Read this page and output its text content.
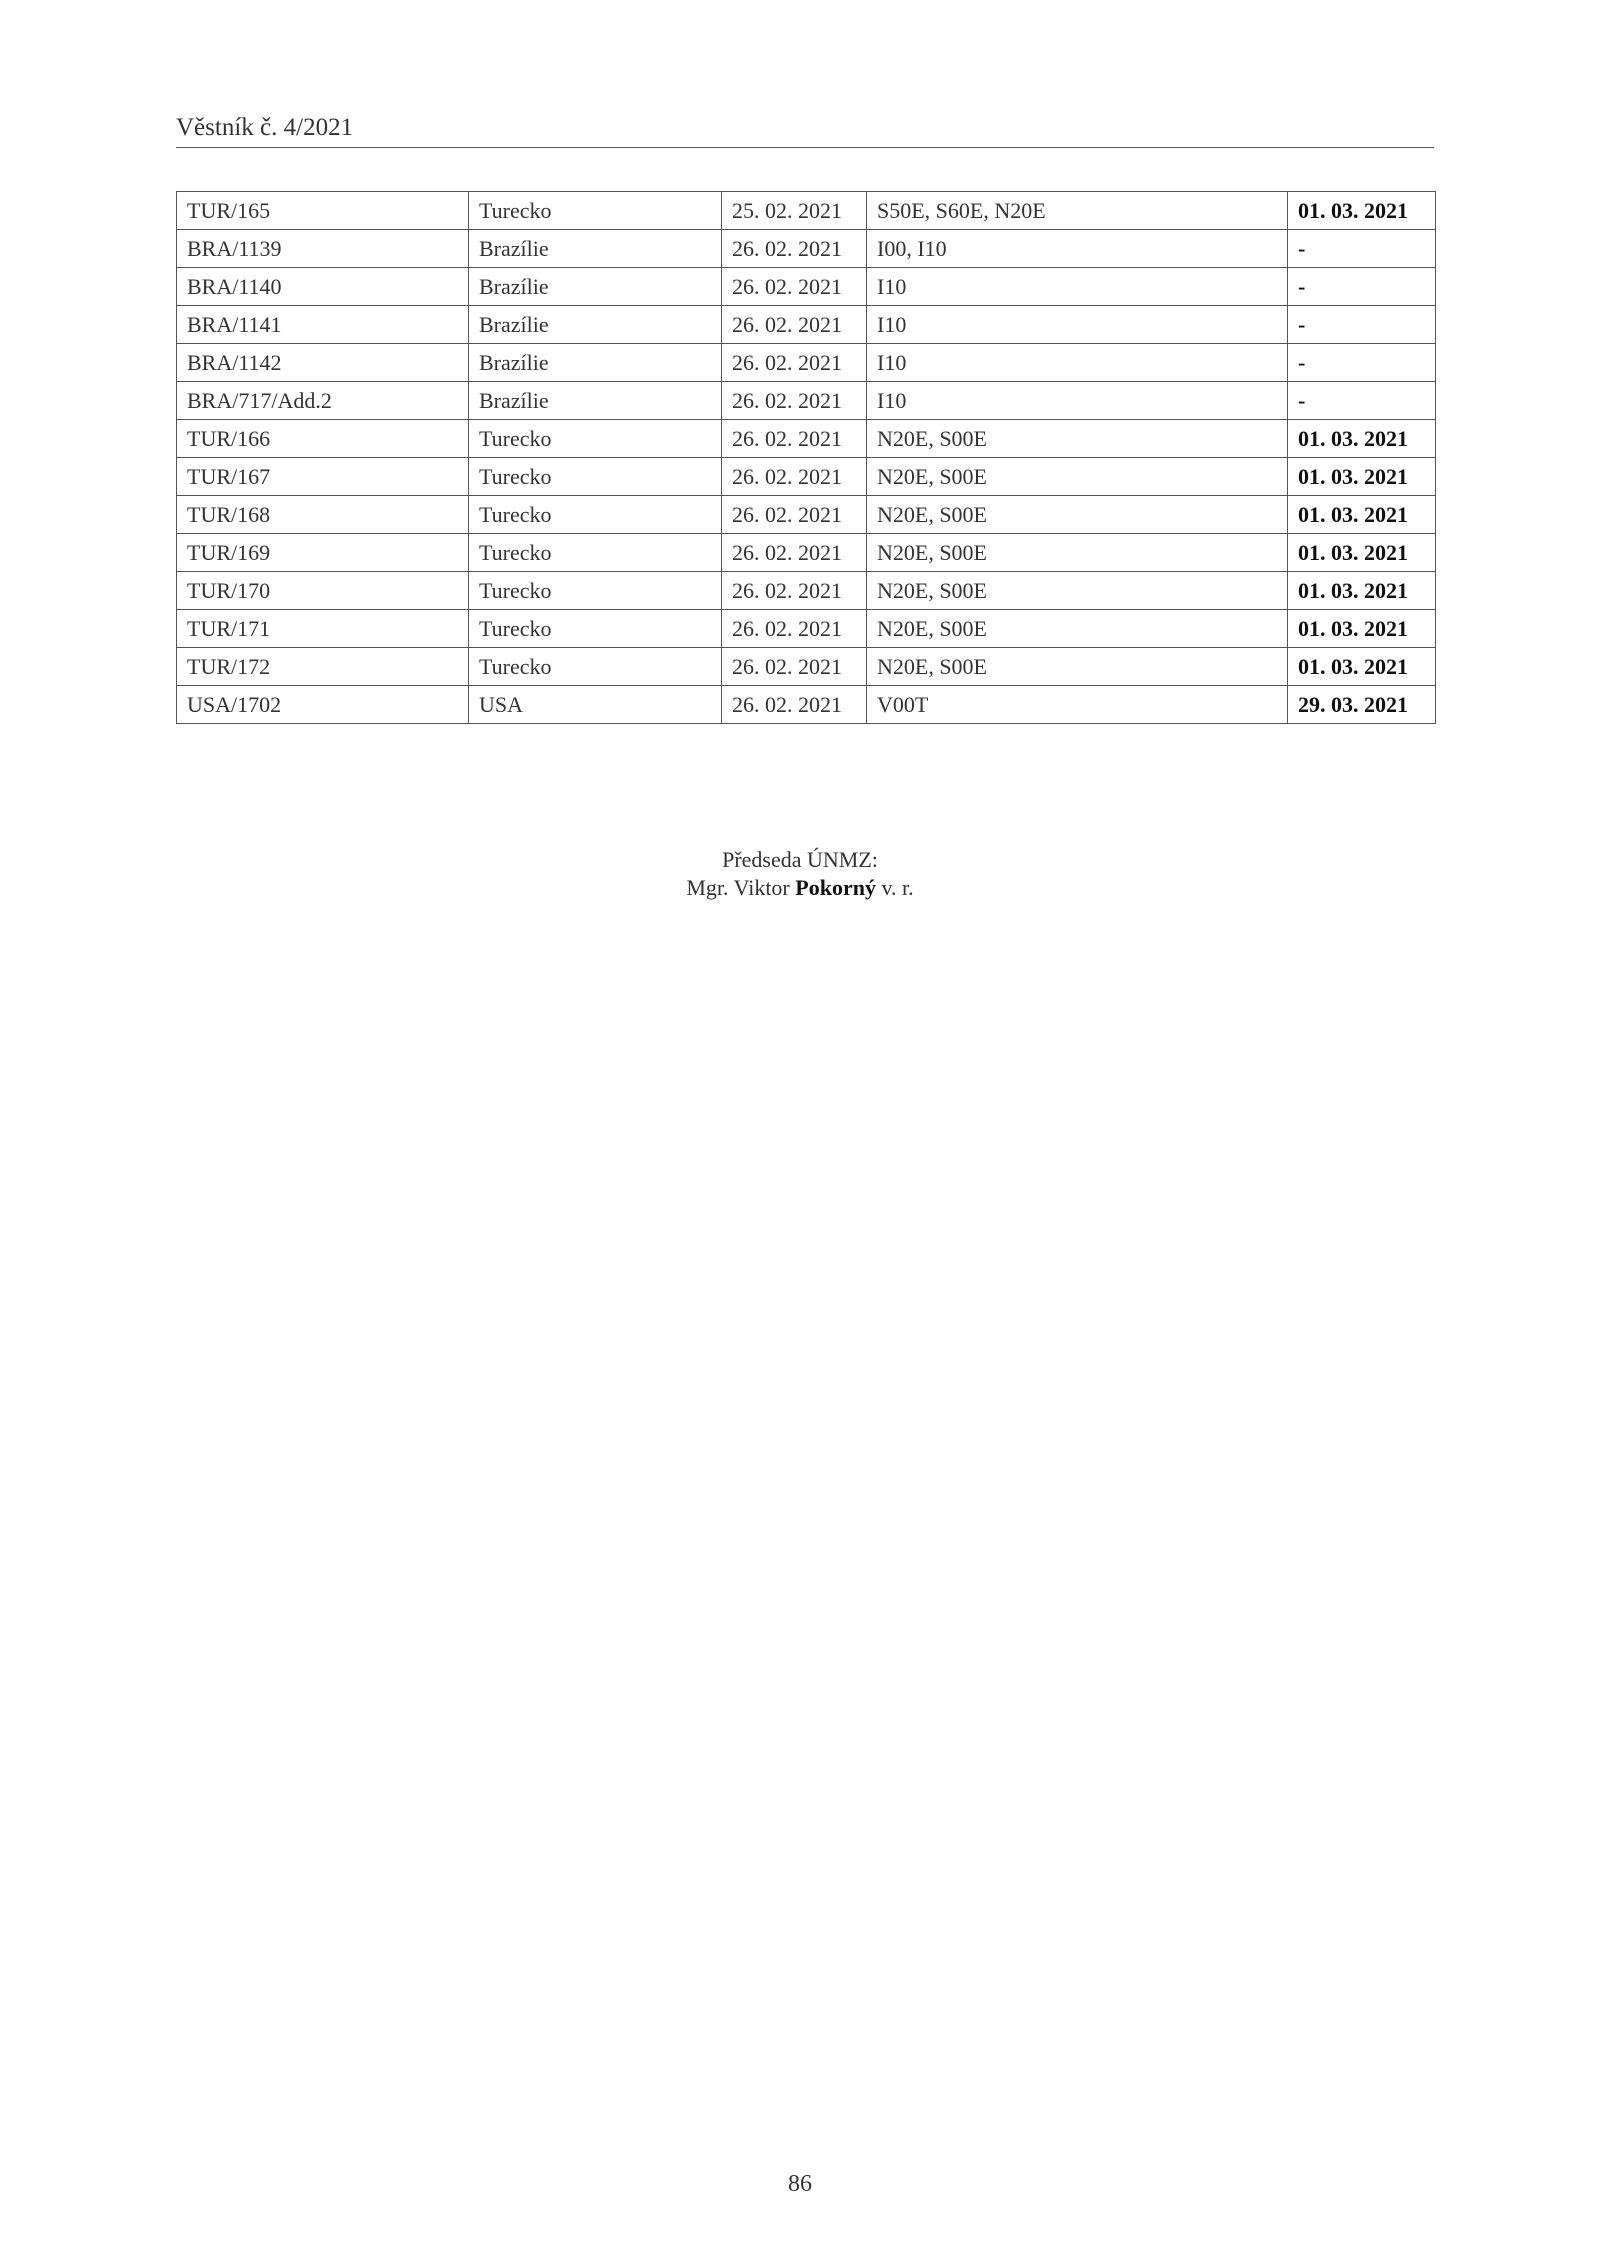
Věstník č. 4/2021
TUR/165	Turecko	25. 02. 2021	S50E, S60E, N20E	01. 03. 2021
BRA/1139	Brazílie	26. 02. 2021	I00, I10	-
BRA/1140	Brazílie	26. 02. 2021	I10	-
BRA/1141	Brazílie	26. 02. 2021	I10	-
BRA/1142	Brazílie	26. 02. 2021	I10	-
BRA/717/Add.2	Brazílie	26. 02. 2021	I10	-
TUR/166	Turecko	26. 02. 2021	N20E, S00E	01. 03. 2021
TUR/167	Turecko	26. 02. 2021	N20E, S00E	01. 03. 2021
TUR/168	Turecko	26. 02. 2021	N20E, S00E	01. 03. 2021
TUR/169	Turecko	26. 02. 2021	N20E, S00E	01. 03. 2021
TUR/170	Turecko	26. 02. 2021	N20E, S00E	01. 03. 2021
TUR/171	Turecko	26. 02. 2021	N20E, S00E	01. 03. 2021
TUR/172	Turecko	26. 02. 2021	N20E, S00E	01. 03. 2021
USA/1702	USA	26. 02. 2021	V00T	29. 03. 2021
Předseda ÚNMZ:
Mgr. Viktor Pokorný v. r.
86
